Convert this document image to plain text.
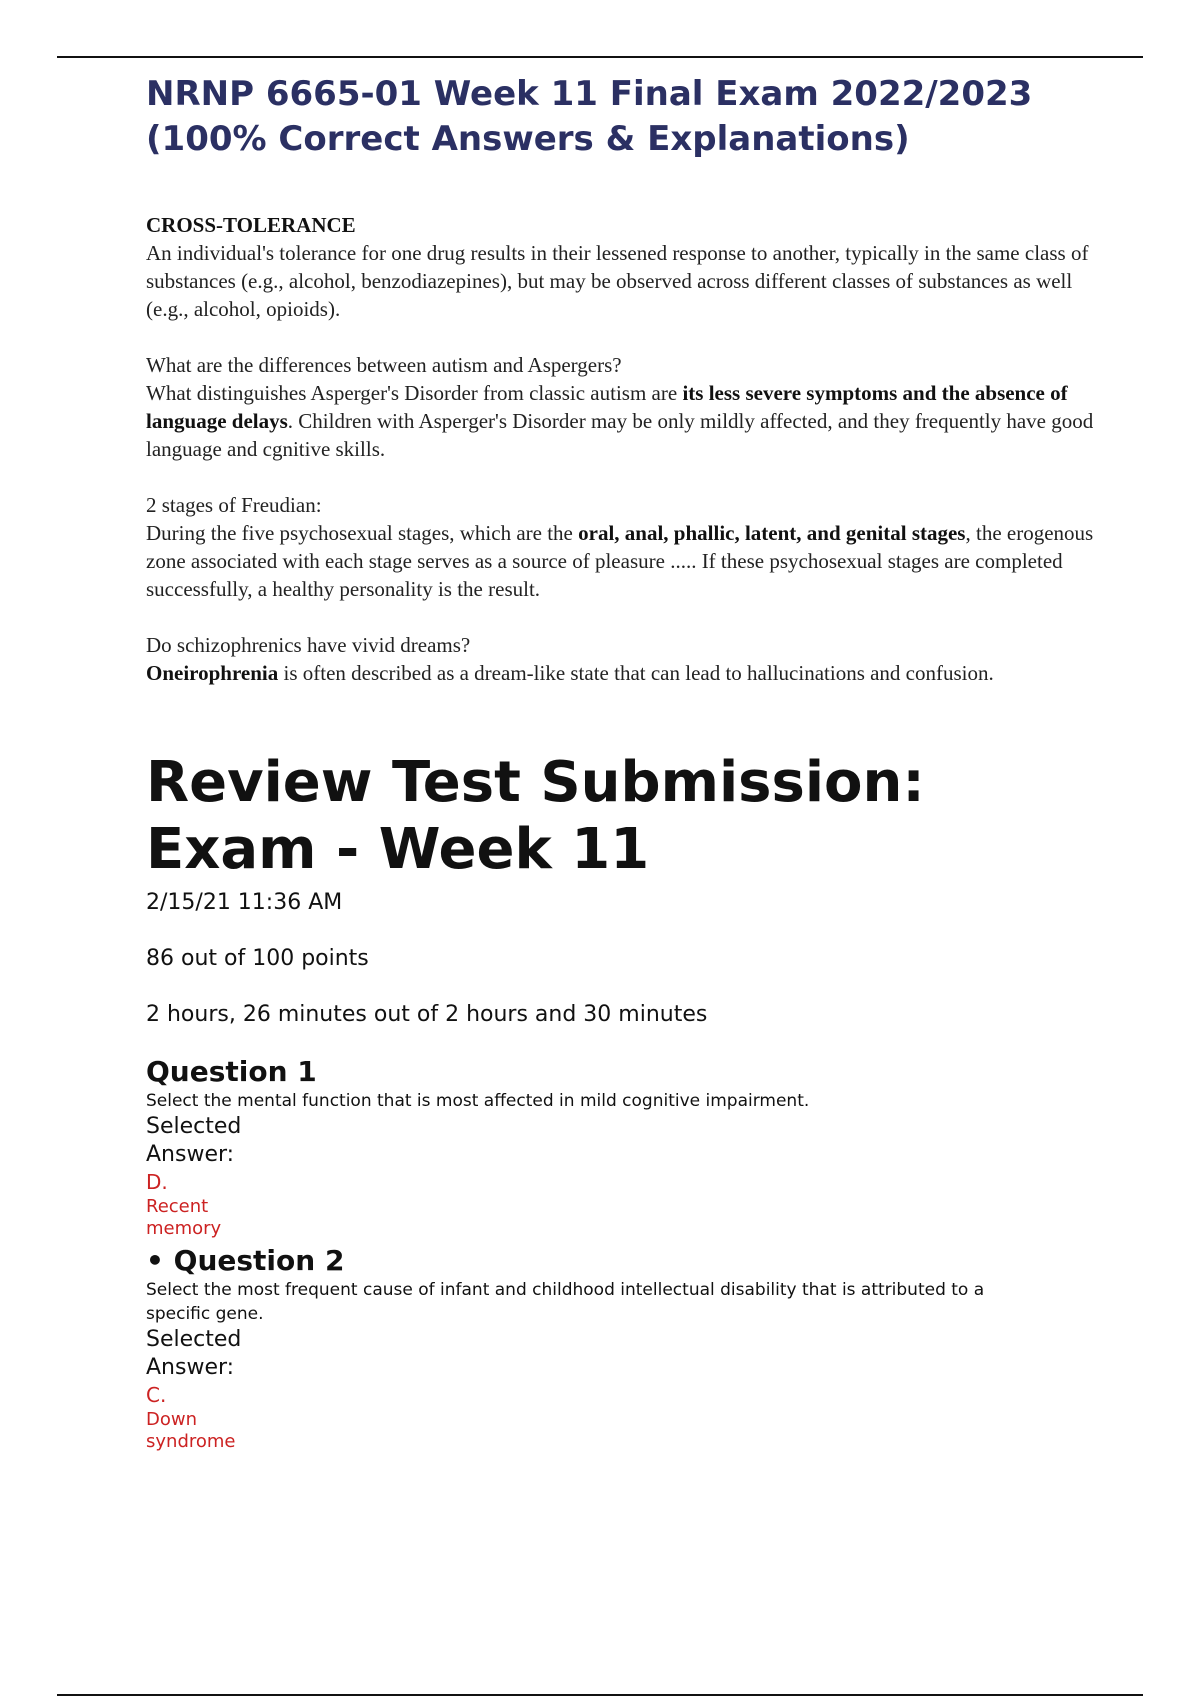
NRNP 6665-01 Week 11 Final Exam 2022/2023 (100% Correct Answers & Explanations)

CROSS-TOLERANCE

An individual's tolerance for one drug results in their lessened response to another, typically in the same class of substances (e.g., alcohol, benzodiazepines), but may be observed across different classes of substances as well (e.g., alcohol, opioids).

What are the differences between autism and Aspergers?

What distinguishes Asperger's Disorder from classic autism are its less severe symptoms and the absence of language delays. Children with Asperger's Disorder may be only mildly affected, and they frequently have good language and cgnitive skills.

2 stages of Freudian:

During the five psychosexual stages, which are the oral, anal, phallic, latent, and genital stages, the erogenous zone associated with each stage serves as a source of pleasure ..... If these psychosexual stages are completed successfully, a healthy personality is the result.

Do schizophrenics have vivid dreams?

Oneirophrenia is often described as a dream-like state that can lead to hallucinations and confusion.

Review Test Submission: Exam - Week 11

2/15/21 11:36 AM

86 out of 100 points

2 hours, 26 minutes out of 2 hours and 30 minutes

Question 1

Select the mental function that is most affected in mild cognitive impairment.

Selected Answer:

D.

Recent memory

• Question 2

Select the most frequent cause of infant and childhood intellectual disability that is attributed to a specific gene.

Selected Answer:

C.

Down syndrome
